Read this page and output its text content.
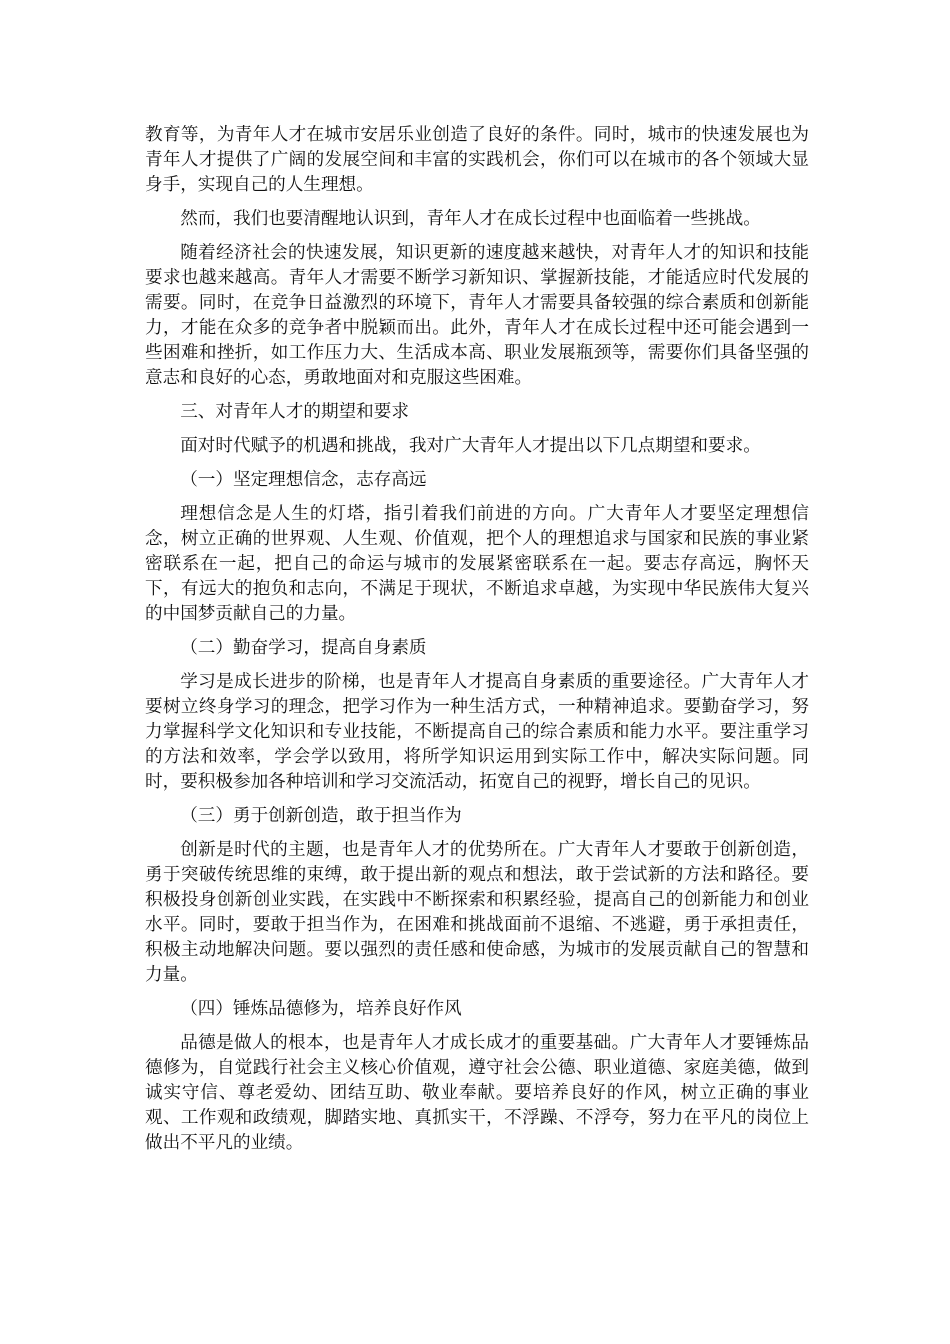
教育等，为青年人才在城市安居乐业创造了良好的条件。同时，城市的快速发展也为青年人才提供了广阔的发展空间和丰富的实践机会，你们可以在城市的各个领域大显身手，实现自己的人生理想。

然而，我们也要清醒地认识到，青年人才在成长过程中也面临着一些挑战。

随着经济社会的快速发展，知识更新的速度越来越快，对青年人才的知识和技能要求也越来越高。青年人才需要不断学习新知识、掌握新技能，才能适应时代发展的需要。同时，在竞争日益激烈的环境下，青年人才需要具备较强的综合素质和创新能力，才能在众多的竞争者中脱颖而出。此外，青年人才在成长过程中还可能会遇到一些困难和挫折，如工作压力大、生活成本高、职业发展瓶颈等，需要你们具备坚强的意志和良好的心态，勇敢地面对和克服这些困难。

三、对青年人才的期望和要求

面对时代赋予的机遇和挑战，我对广大青年人才提出以下几点期望和要求。

（一）坚定理想信念，志存高远

理想信念是人生的灯塔，指引着我们前进的方向。广大青年人才要坚定理想信念，树立正确的世界观、人生观、价值观，把个人的理想追求与国家和民族的事业紧密联系在一起，把自己的命运与城市的发展紧密联系在一起。要志存高远，胸怀天下，有远大的抱负和志向，不满足于现状，不断追求卓越，为实现中华民族伟大复兴的中国梦贡献自己的力量。

（二）勤奋学习，提高自身素质

学习是成长进步的阶梯，也是青年人才提高自身素质的重要途径。广大青年人才要树立终身学习的理念，把学习作为一种生活方式，一种精神追求。要勤奋学习，努力掌握科学文化知识和专业技能，不断提高自己的综合素质和能力水平。要注重学习的方法和效率，学会学以致用，将所学知识运用到实际工作中，解决实际问题。同时，要积极参加各种培训和学习交流活动，拓宽自己的视野，增长自己的见识。

（三）勇于创新创造，敢于担当作为

创新是时代的主题，也是青年人才的优势所在。广大青年人才要敢于创新创造，勇于突破传统思维的束缚，敢于提出新的观点和想法，敢于尝试新的方法和路径。要积极投身创新创业实践，在实践中不断探索和积累经验，提高自己的创新能力和创业水平。同时，要敢于担当作为，在困难和挑战面前不退缩、不逃避，勇于承担责任，积极主动地解决问题。要以强烈的责任感和使命感，为城市的发展贡献自己的智慧和力量。

（四）锤炼品德修为，培养良好作风

品德是做人的根本，也是青年人才成长成才的重要基础。广大青年人才要锤炼品德修为，自觉践行社会主义核心价值观，遵守社会公德、职业道德、家庭美德，做到诚实守信、尊老爱幼、团结互助、敬业奉献。要培养良好的作风，树立正确的事业观、工作观和政绩观，脚踏实地、真抓实干，不浮躁、不浮夸，努力在平凡的岗位上做出不平凡的业绩。
